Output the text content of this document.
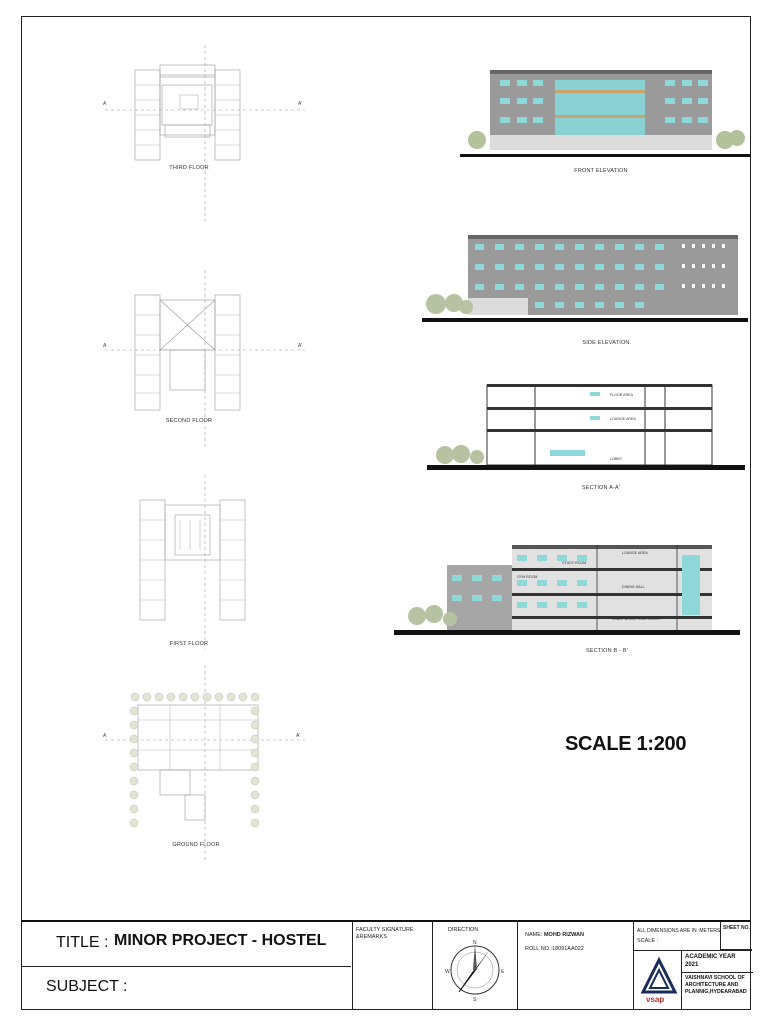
A	A'
THIRD FLOOR
A	A'
SECOND FLOOR
FIRST FLOOR
A	A'
GROUND FLOOR
FRONT ELEVATION
SIDE ELEVATION
FLOOR AREA
LOUNGE AREA
LOBBY
SECTION A-A'
LOUNGE AREA
STUDY ROOM
GYM ROOM
DINING HALL
LOBBY AREA, FOOD COURT
SECTION B - B'
SCALE 1:200
TITLE : MINOR PROJECT - HOSTEL
SUBJECT :
FACULTY SIGNATURE &REMARKS
DIRECTION
N
E
S
W
NAME: MOHD RIZWAN
ROLL NO.:18091AA022
ALL DIMENSIONS ARE IN :METERS
SCALE :
SHEET NO.
vsap
ACADEMIC YEAR
2021
VAISHNAVI SCHOOL OF ARCHITECTURE AND PLANNIG,HYDEARABAD
